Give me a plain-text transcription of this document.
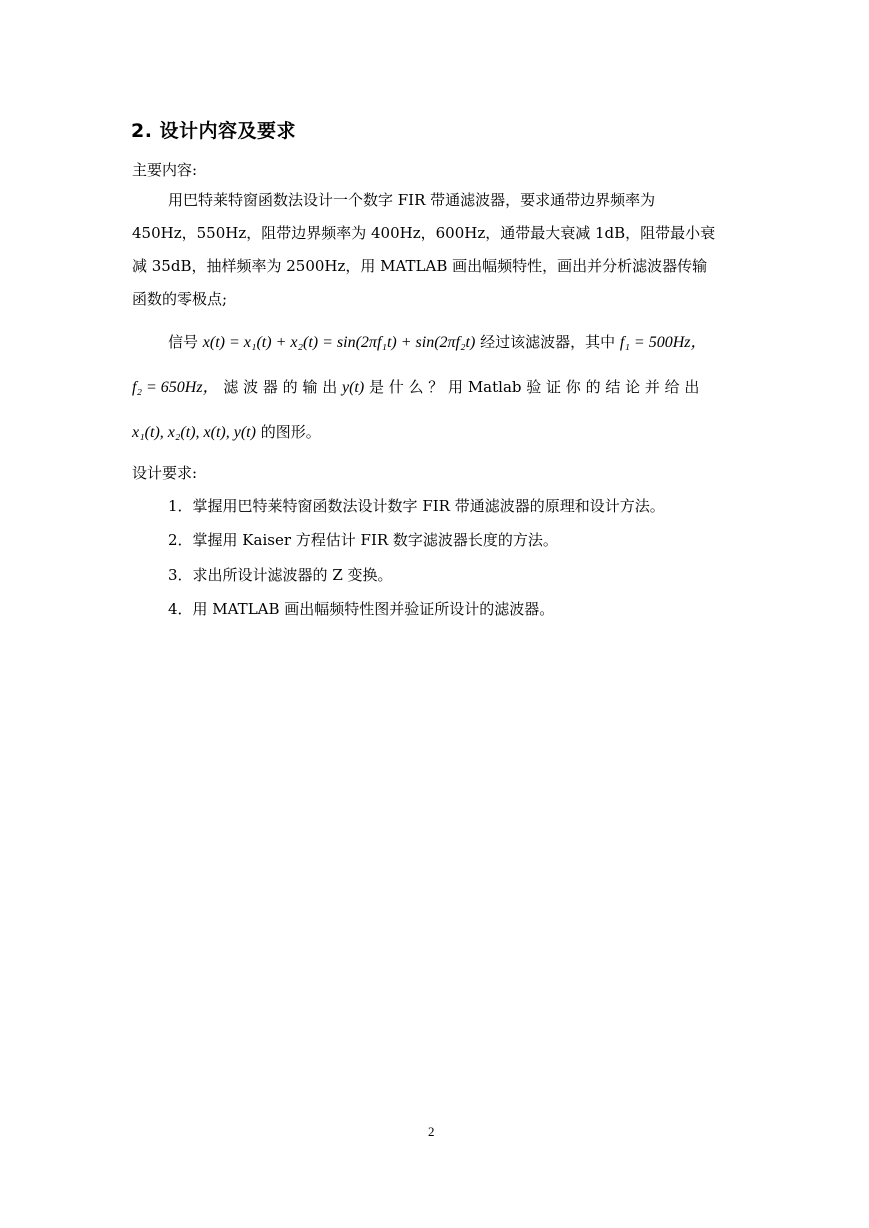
2. 设计内容及要求
主要内容:
用巴特莱特窗函数法设计一个数字 FIR 带通滤波器，要求通带边界频率为
450Hz，550Hz，阻带边界频率为 400Hz，600Hz，通带最大衰减 1dB，阻带最小衰
减 35dB，抽样频率为 2500Hz，用 MATLAB 画出幅频特性，画出并分析滤波器传输
函数的零极点;
信号 x(t) = x₁(t) + x₂(t) = sin(2πf₁t) + sin(2πf₂t) 经过该滤波器，其中 f₁ = 500Hz，
f₂ = 650Hz， 滤 波 器 的 输 出 y(t) 是 什 么 ？ 用 Matlab 验 证 你 的 结 论 并 给 出
x₁(t), x₂(t), x(t), y(t) 的图形。
设计要求:
1．掌握用巴特莱特窗函数法设计数字 FIR 带通滤波器的原理和设计方法。
2．掌握用 Kaiser 方程估计 FIR 数字滤波器长度的方法。
3．求出所设计滤波器的 Z 变换。
4．用 MATLAB 画出幅频特性图并验证所设计的滤波器。
2
